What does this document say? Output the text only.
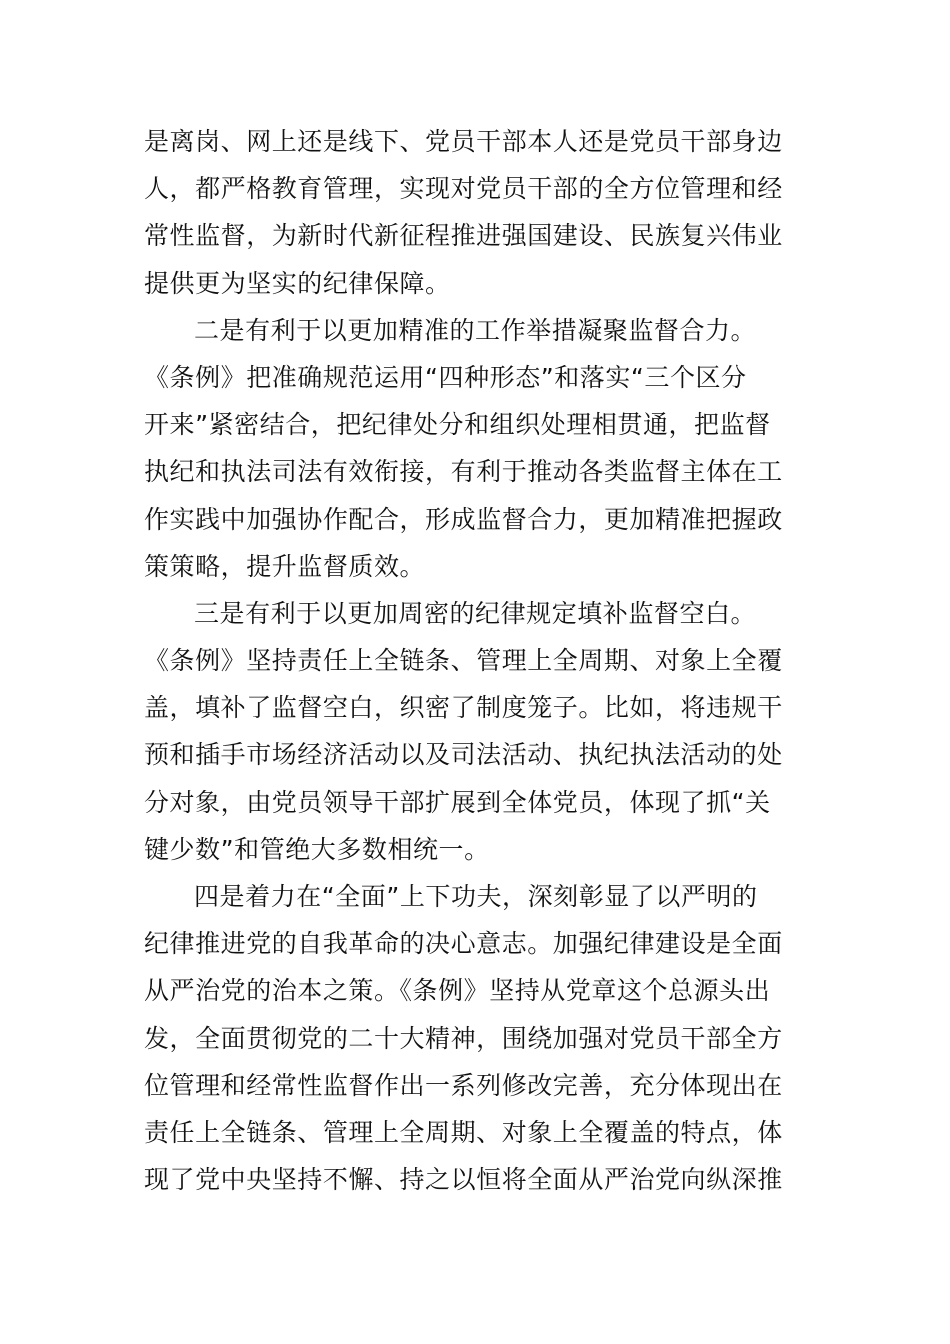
是离岗、网上还是线下、党员干部本人还是党员干部身边
人，都严格教育管理，实现对党员干部的全方位管理和经
常性监督，为新时代新征程推进强国建设、民族复兴伟业
提供更为坚实的纪律保障。
二是有利于以更加精准的工作举措凝聚监督合力。
《条例》把准确规范运用“四种形态”和落实“三个区分
开来”紧密结合，把纪律处分和组织处理相贯通，把监督
执纪和执法司法有效衔接，有利于推动各类监督主体在工
作实践中加强协作配合，形成监督合力，更加精准把握政
策策略，提升监督质效。
三是有利于以更加周密的纪律规定填补监督空白。
《条例》坚持责任上全链条、管理上全周期、对象上全覆
盖，填补了监督空白，织密了制度笼子。比如，将违规干
预和插手市场经济活动以及司法活动、执纪执法活动的处
分对象，由党员领导干部扩展到全体党员，体现了抓“关
键少数”和管绝大多数相统一。
四是着力在“全面”上下功夫，深刻彰显了以严明的
纪律推进党的自我革命的决心意志。加强纪律建设是全面
从严治党的治本之策。《条例》坚持从党章这个总源头出
发，全面贯彻党的二十大精神，围绕加强对党员干部全方
位管理和经常性监督作出一系列修改完善，充分体现出在
责任上全链条、管理上全周期、对象上全覆盖的特点，体
现了党中央坚持不懈、持之以恒将全面从严治党向纵深推
